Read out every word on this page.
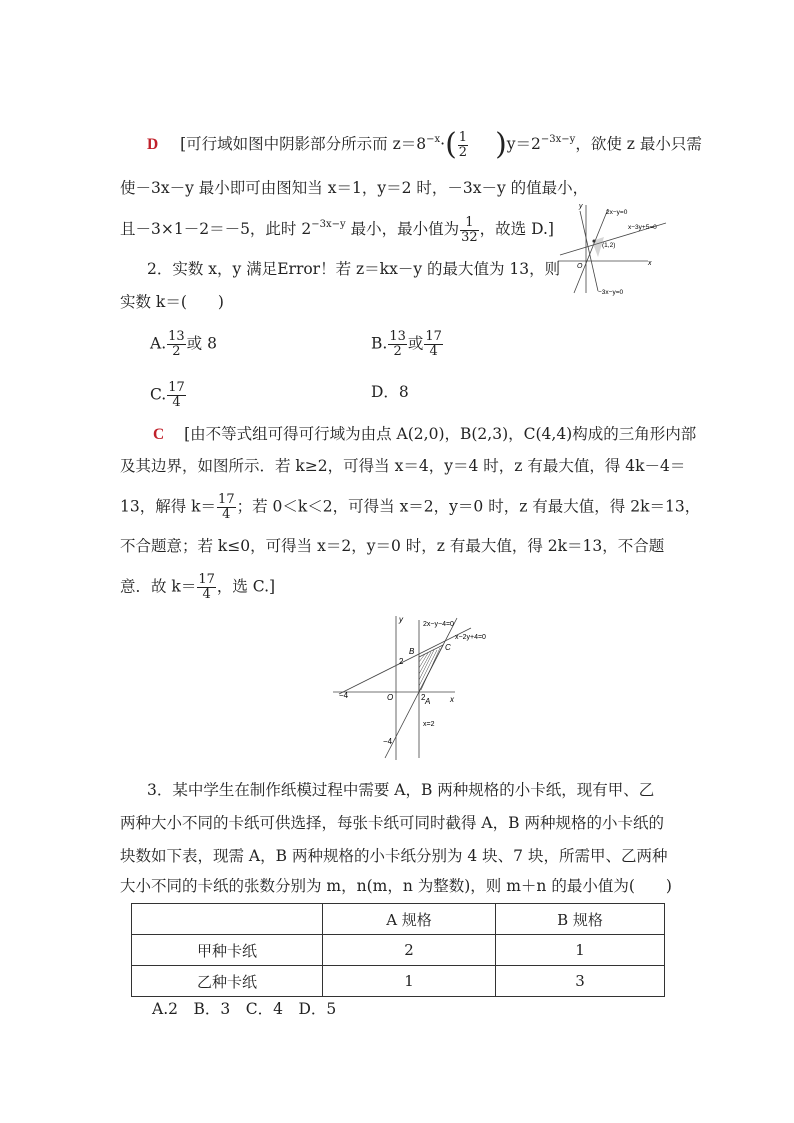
D [可行域如图中阴影部分所示而 $z=8^{-x}\cdot( \frac{1}{2} )y=2^{-3x-y}$，欲使 z 最小只需
使－3x－y 最小即可由图知当 x＝1，y＝2 时，－3x－y 的值最小，
且－3×1－2＝－5，此时 $2^{-3x-y}$ 最小，最小值为 $\frac{1}{32}$ ，故选 D.]
y
x
O
2x−y=0
x−3y+5=0
−3x−y=0
(1,2)
2．实数 x，y 满足Error！若 z＝kx－y 的最大值为 13，则
实数 k＝(　　)
A. $\frac{13}{2}$ 或 8	B. $\frac{13}{2}$ 或 $\frac{17}{4}$
C. $\frac{17}{4}$	D．8
C [由不等式组可得可行域为由点 A(2,0)，B(2,3)，C(4,4)构成的三角形内部
及其边界，如图所示．若 k≥2，可得当 x＝4，y＝4 时，z 有最大值，得 4k－4＝
13，解得 $k= \frac{17}{4}$ ；若 0＜k＜2，可得当 x＝2，y＝0 时，z 有最大值，得 2k＝13，
不合题意；若 k≤0，可得当 x＝2，y＝0 时，z 有最大值，得 2k＝13，不合题
意．故 $k= \frac{17}{4}$ ，选 C.]
y
x
O
−4
−4
2
2 A
B	C
2x−y−4=0
x−2y+4=0
x=2
3．某中学生在制作纸模过程中需要 A，B 两种规格的小卡纸，现有甲、乙
两种大小不同的卡纸可供选择，每张卡纸可同时截得 A，B 两种规格的小卡纸的
块数如下表，现需 A，B 两种规格的小卡纸分别为 4 块、7 块，所需甲、乙两种
大小不同的卡纸的张数分别为 m，n(m，n 为整数)，则 m＋n 的最小值为(　　)
	A 规格	B 规格
甲种卡纸	2	1
乙种卡纸	1	3
A.2　B．3　C．4　D．5
